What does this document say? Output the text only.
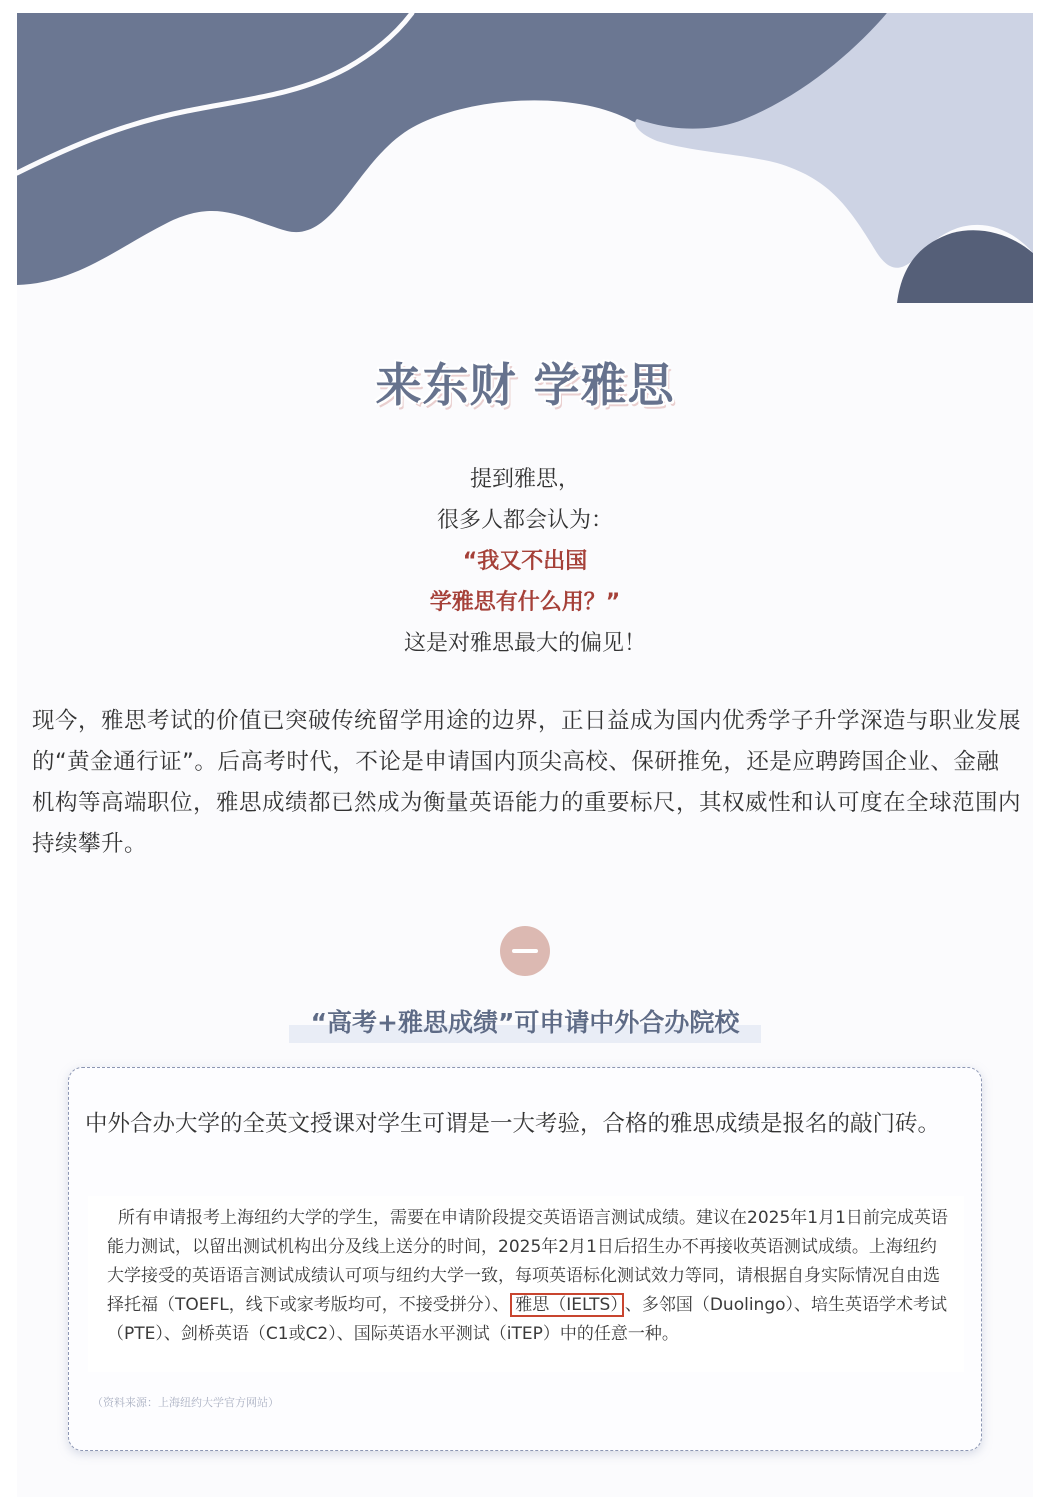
来东财 学雅思
提到雅思，
很多人都会认为：
“我又不出国
学雅思有什么用？”
这是对雅思最大的偏见！
现今，雅思考试的价值已突破传统留学用途的边界，正日益成为国内优秀学子升学深造与职业发展的“黄金通行证”。后高考时代，不论是申请国内顶尖高校、保研推免，还是应聘跨国企业、金融机构等高端职位，雅思成绩都已然成为衡量英语能力的重要标尺，其权威性和认可度在全球范围内持续攀升。
“高考+雅思成绩”可申请中外合办院校
中外合办大学的全英文授课对学生可谓是一大考验，合格的雅思成绩是报名的敲门砖。

所有申请报考上海纽约大学的学生，需要在申请阶段提交英语语言测试成绩。建议在2025年1月1日前完成英语能力测试，以留出测试机构出分及线上送分的时间，2025年2月1日后招生办不再接收英语测试成绩。上海纽约大学接受的英语语言测试成绩认可项与纽约大学一致，每项英语标化测试效力等同，请根据自身实际情况自由选择托福（TOEFL，线下或家考版均可，不接受拼分）、 雅思（IELTS） 、多邻国（Duolingo）、培生英语学术考试（PTE）、剑桥英语（C1或C2）、国际英语水平测试（iTEP）中的任意一种。

（资料来源：上海纽约大学官方网站）
